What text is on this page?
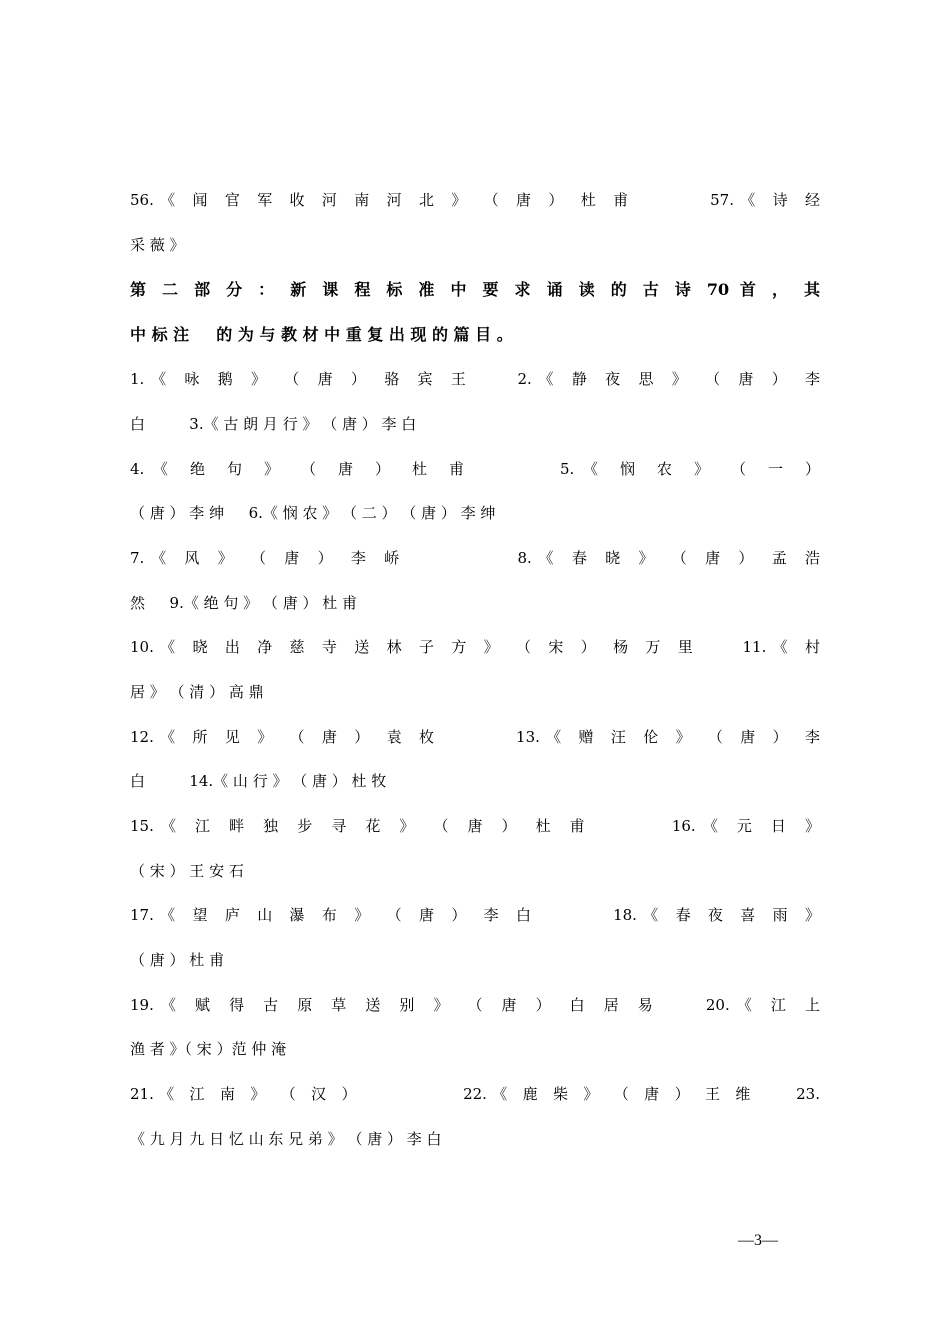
56.《 闻 官 军 收 河 南 河 北 》 （ 唐 ） 杜 甫 　 　 57.《 诗 经
采 薇 》
第 二 部 分 ： 新 课 程 标 准 中 要 求 诵 读 的 古 诗 70 首 ， 其
中 标 注 　 的 为 与 教 材 中 重 复 出 现 的 篇 目 。
1.《 咏 鹅 》 （ 唐 ） 骆 宾 王 　 2.《 静 夜 思 》 （ 唐 ） 李
白 　 　 3.《 古 朗 月 行 》 （ 唐 ） 李 白
4.《 绝 句 》 （ 唐 ） 杜 甫 　 　 5.《 悯 农 》 （ 一 ）
（ 唐 ） 李 绅 　 6.《 悯 农 》 （ 二 ） （ 唐 ） 李 绅
7.《 风 》 （ 唐 ） 李 峤 　 　 　 8.《 春 晓 》 （ 唐 ） 孟 浩
然 　 9.《 绝 句 》 （ 唐 ） 杜 甫
10.《 晓 出 净 慈 寺 送 林 子 方 》 （ 宋 ） 杨 万 里 　 11.《 村
居 》 （ 清 ） 高 鼎
12.《 所 见 》 （ 唐 ） 袁 枚 　 　 13.《 赠 汪 伦 》 （ 唐 ） 李
白 　 　 14.《 山 行 》 （ 唐 ） 杜 牧
15.《 江 畔 独 步 寻 花 》 （ 唐 ） 杜 甫 　 　 16.《 元 日 》
（ 宋 ） 王 安 石
17.《 望 庐 山 瀑 布 》 （ 唐 ） 李 白 　 　 18.《 春 夜 喜 雨 》
（ 唐 ） 杜 甫
19.《 赋 得 古 原 草 送 别 》 （ 唐 ） 白 居 易 　 20.《 江 上
渔 者 》（ 宋 ）范 仲 淹
21.《 江 南 》 （ 汉 ） 　 　 　 22.《 鹿 柴 》 （ 唐 ） 王 维 　 23.
《 九 月 九 日 忆 山 东 兄 弟 》 （ 唐 ） 李 白
—3—
